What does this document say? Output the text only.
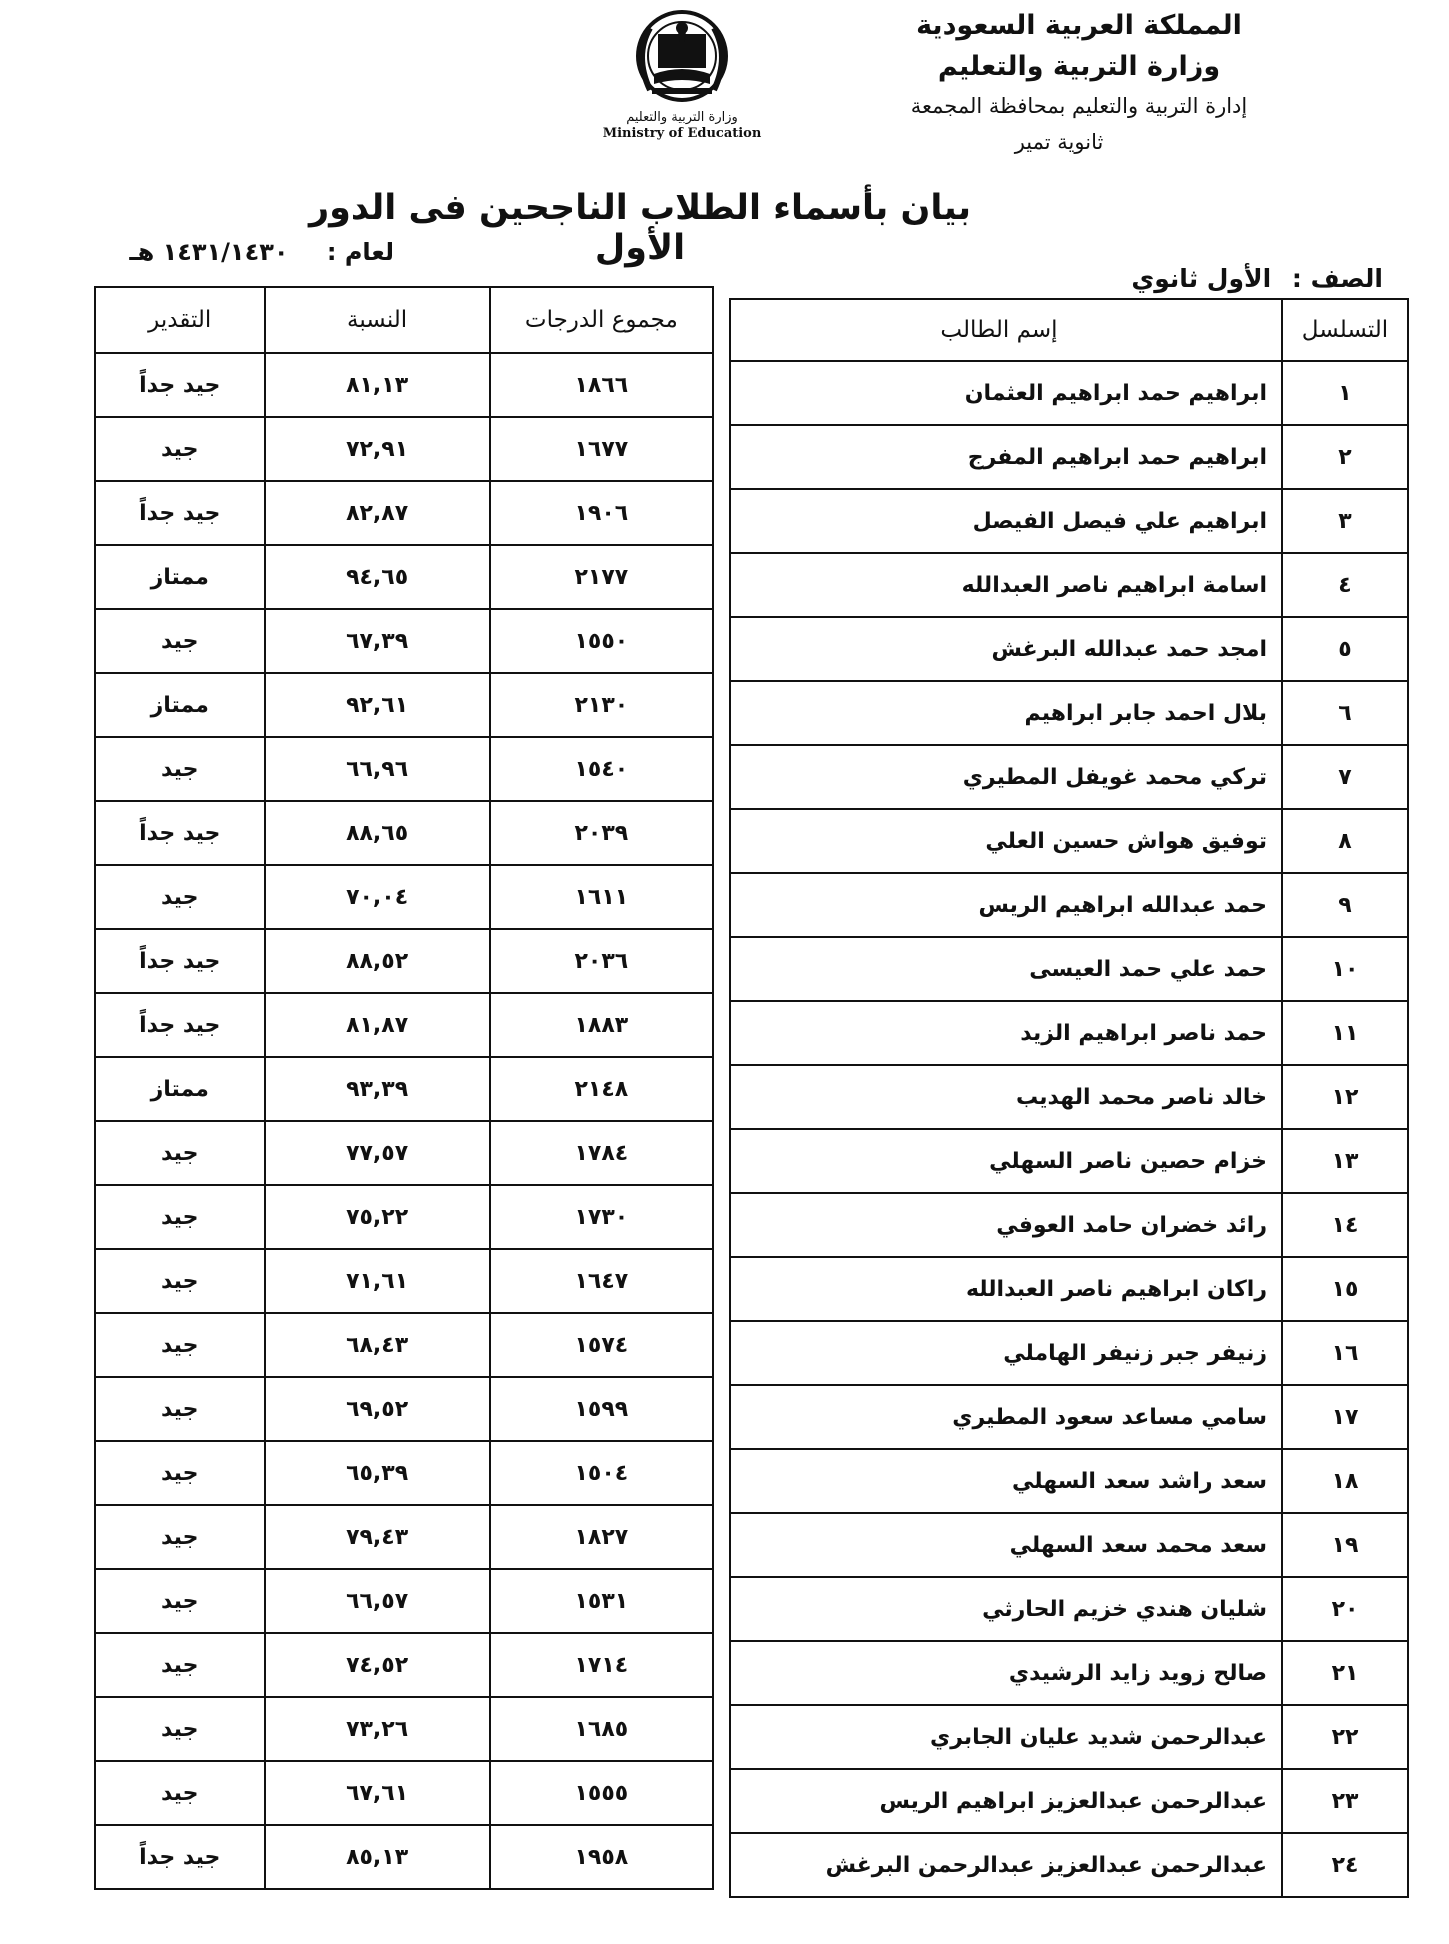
المملكة العربية السعودية
وزارة التربية والتعليم
إدارة التربية والتعليم بمحافظة المجمعة
ثانوية تمير
وزارة التربية والتعليم
Ministry of Education
بيان بأسماء الطلاب الناجحين فى الدور الأول
لعام : ١٤٣١/١٤٣٠ هـ
الصف : الأول ثانوي
التسلسل	إسم الطالب
١	ابراهيم حمد ابراهيم العثمان
٢	ابراهيم حمد ابراهيم المفرج
٣	ابراهيم علي فيصل الفيصل
٤	اسامة ابراهيم ناصر العبدالله
٥	امجد حمد عبدالله البرغش
٦	بلال احمد جابر ابراهيم
٧	تركي محمد غويفل المطيري
٨	توفيق هواش حسين العلي
٩	حمد عبدالله ابراهيم الريس
١٠	حمد علي حمد العيسى
١١	حمد ناصر ابراهيم الزيد
١٢	خالد ناصر محمد الهديب
١٣	خزام حصين ناصر السهلي
١٤	رائد خضران حامد العوفي
١٥	راكان ابراهيم ناصر العبدالله
١٦	زنيفر جبر زنيفر الهاملي
١٧	سامي مساعد سعود المطيري
١٨	سعد راشد سعد السهلي
١٩	سعد محمد سعد السهلي
٢٠	شليان هندي خزيم الحارثي
٢١	صالح زويد زايد الرشيدي
٢٢	عبدالرحمن شديد عليان الجابري
٢٣	عبدالرحمن عبدالعزيز ابراهيم الريس
٢٤	عبدالرحمن عبدالعزيز عبدالرحمن البرغش
مجموع الدرجات	النسبة	التقدير
١٨٦٦	٨١,١٣	جيد جداً
١٦٧٧	٧٢,٩١	جيد
١٩٠٦	٨٢,٨٧	جيد جداً
٢١٧٧	٩٤,٦٥	ممتاز
١٥٥٠	٦٧,٣٩	جيد
٢١٣٠	٩٢,٦١	ممتاز
١٥٤٠	٦٦,٩٦	جيد
٢٠٣٩	٨٨,٦٥	جيد جداً
١٦١١	٧٠,٠٤	جيد
٢٠٣٦	٨٨,٥٢	جيد جداً
١٨٨٣	٨١,٨٧	جيد جداً
٢١٤٨	٩٣,٣٩	ممتاز
١٧٨٤	٧٧,٥٧	جيد
١٧٣٠	٧٥,٢٢	جيد
١٦٤٧	٧١,٦١	جيد
١٥٧٤	٦٨,٤٣	جيد
١٥٩٩	٦٩,٥٢	جيد
١٥٠٤	٦٥,٣٩	جيد
١٨٢٧	٧٩,٤٣	جيد
١٥٣١	٦٦,٥٧	جيد
١٧١٤	٧٤,٥٢	جيد
١٦٨٥	٧٣,٢٦	جيد
١٥٥٥	٦٧,٦١	جيد
١٩٥٨	٨٥,١٣	جيد جداً
